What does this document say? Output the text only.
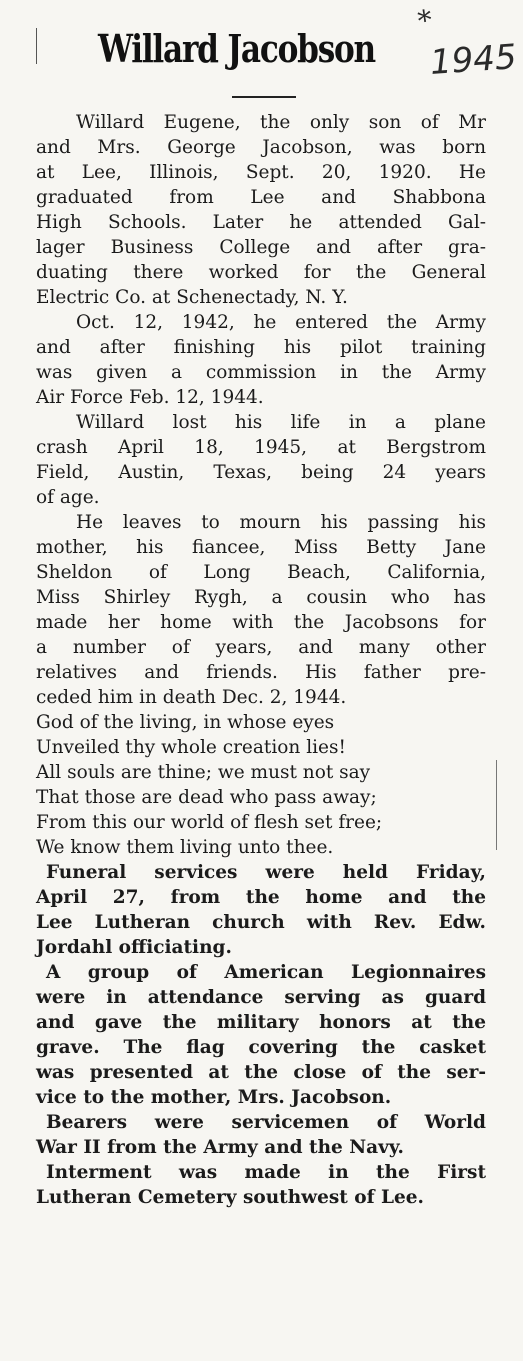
Willard Jacobson
*
1945
Willard Eugene, the only son of Mr
and Mrs. George Jacobson, was born
at Lee, Illinois, Sept. 20, 1920. He
graduated from Lee and Shabbona
High Schools. Later he attended Gal-
lager Business College and after gra-
duating there worked for the General
Electric Co. at Schenectady, N. Y.
Oct. 12, 1942, he entered the Army
and after finishing his pilot training
was given a commission in the Army
Air Force Feb. 12, 1944.
Willard lost his life in a plane
crash April 18, 1945, at Bergstrom
Field, Austin, Texas, being 24 years
of age.
He leaves to mourn his passing his
mother, his fiancee, Miss Betty Jane
Sheldon of Long Beach, California,
Miss Shirley Rygh, a cousin who has
made her home with the Jacobsons for
a number of years, and many other
relatives and friends. His father pre-
ceded him in death Dec. 2, 1944.
God of the living, in whose eyes
Unveiled thy whole creation lies!
All souls are thine; we must not say
That those are dead who pass away;
From this our world of flesh set free;
We know them living unto thee.
Funeral services were held Friday,
April 27, from the home and the
Lee Lutheran church with Rev. Edw.
Jordahl officiating.
A group of American Legionnaires
were in attendance serving as guard
and gave the military honors at the
grave. The flag covering the casket
was presented at the close of the ser-
vice to the mother, Mrs. Jacobson.
Bearers were servicemen of World
War II from the Army and the Navy.
Interment was made in the First
Lutheran Cemetery southwest of Lee.
